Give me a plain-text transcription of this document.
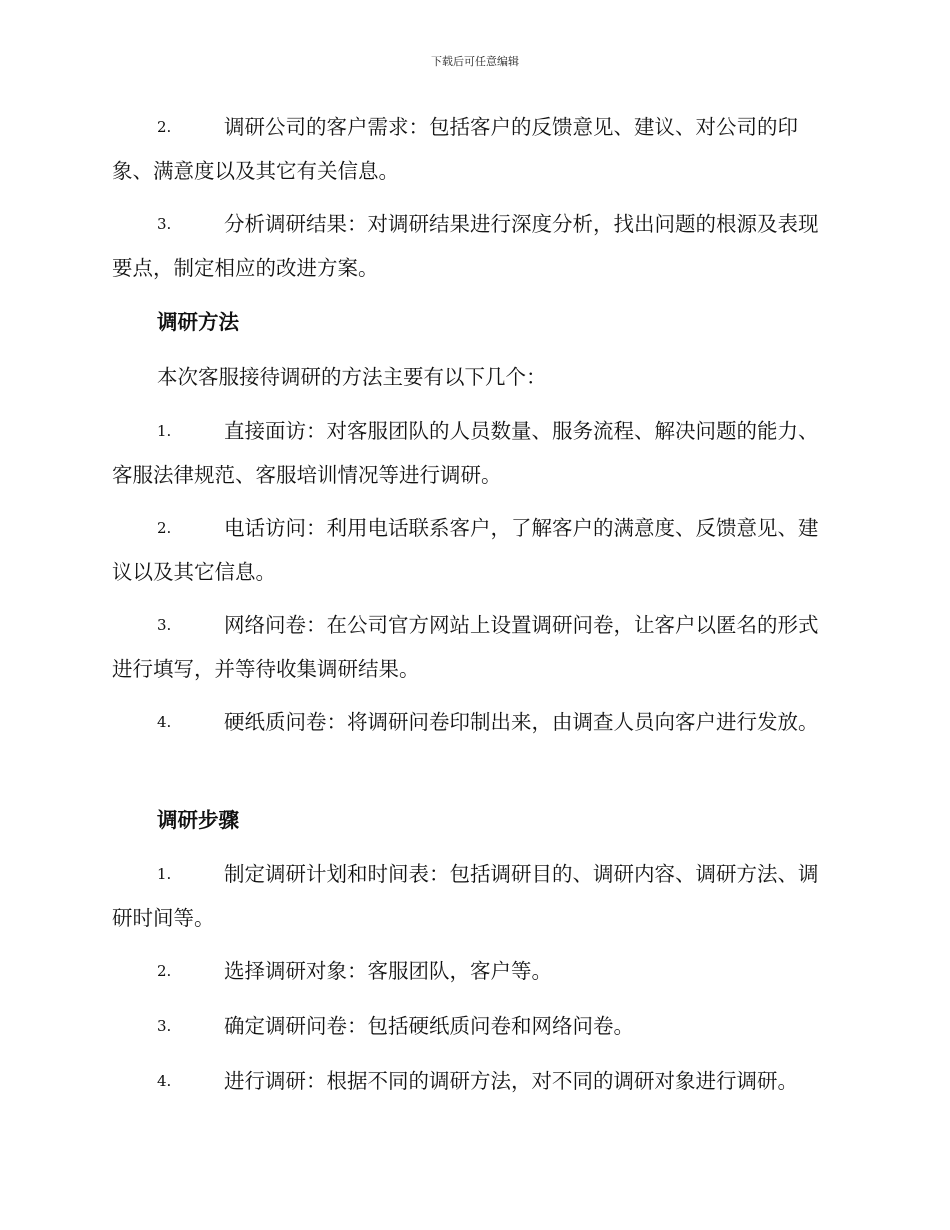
下载后可任意编辑
2.	调研公司的客户需求：包括客户的反馈意见、建议、对公司的印象、满意度以及其它有关信息。
3.	分析调研结果：对调研结果进行深度分析，找出问题的根源及表现要点，制定相应的改进方案。
调研方法
本次客服接待调研的方法主要有以下几个：
1.	直接面访：对客服团队的人员数量、服务流程、解决问题的能力、客服法律规范、客服培训情况等进行调研。
2.	电话访问：利用电话联系客户，了解客户的满意度、反馈意见、建议以及其它信息。
3.	网络问卷：在公司官方网站上设置调研问卷，让客户以匿名的形式进行填写，并等待收集调研结果。
4.	硬纸质问卷：将调研问卷印制出来，由调查人员向客户进行发放。
调研步骤
1.	制定调研计划和时间表：包括调研目的、调研内容、调研方法、调研时间等。
2.	选择调研对象：客服团队，客户等。
3.	确定调研问卷：包括硬纸质问卷和网络问卷。
4.	进行调研：根据不同的调研方法，对不同的调研对象进行调研。
